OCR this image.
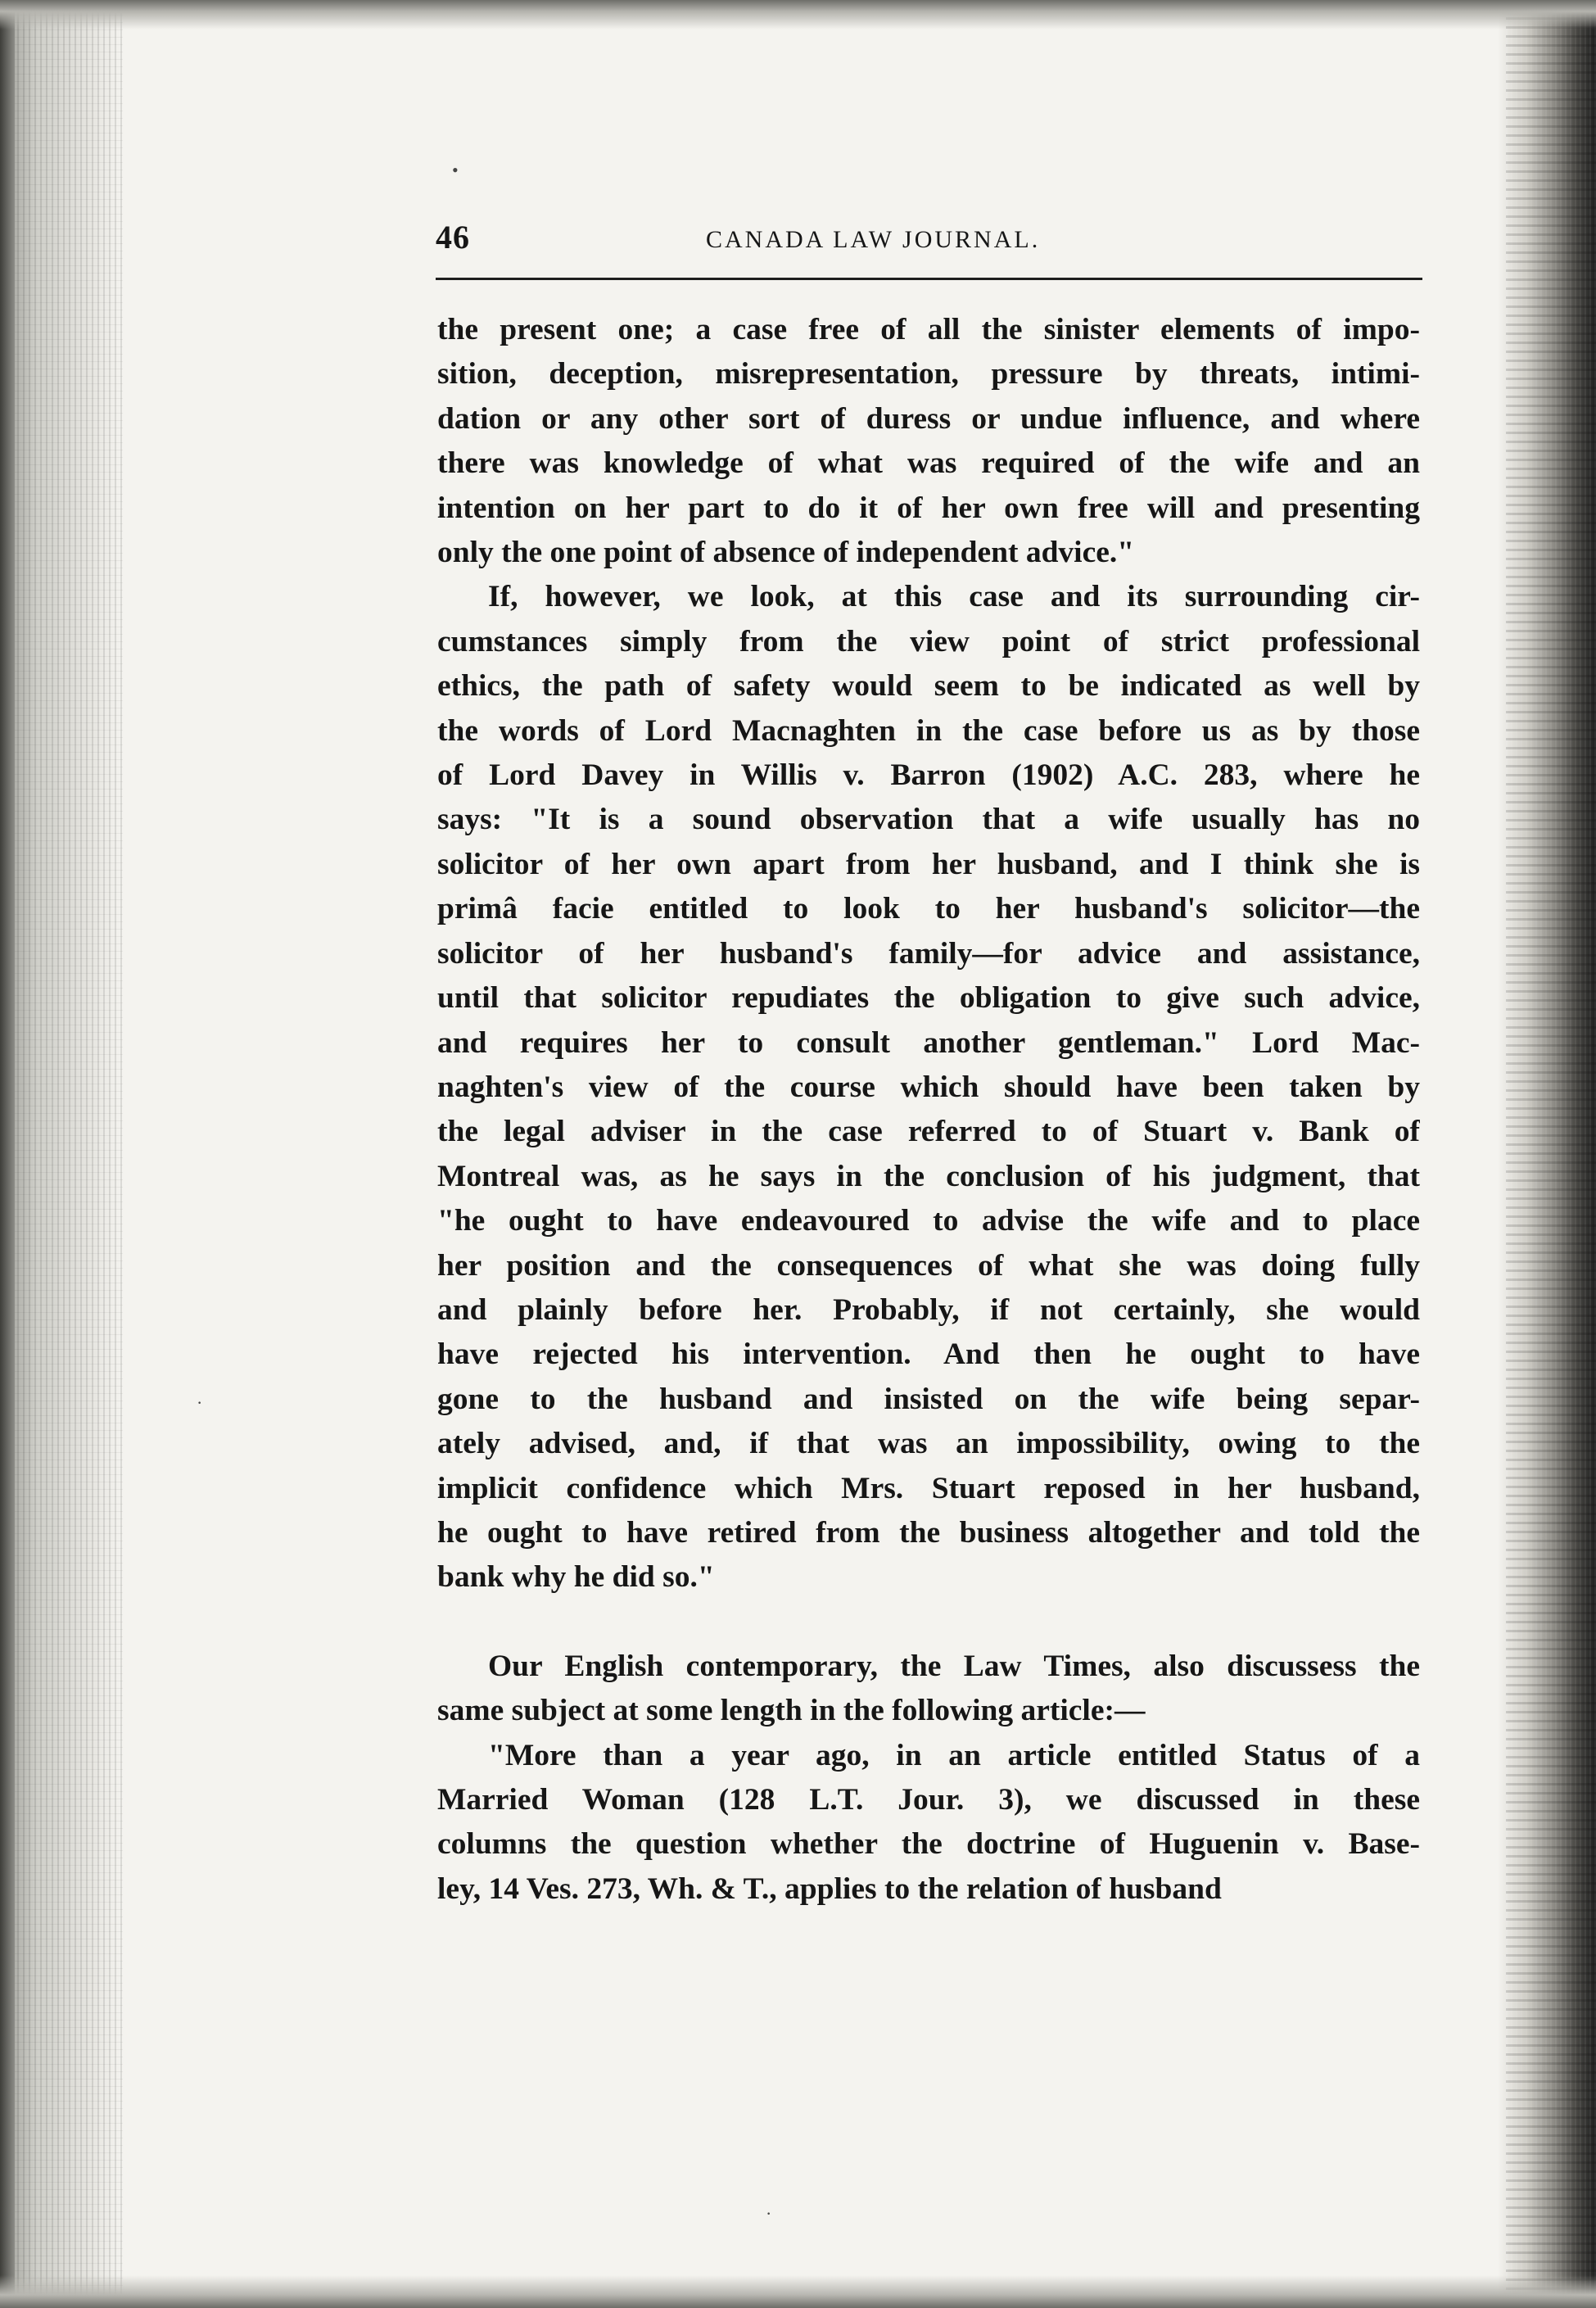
•
·
·
46	CANADA LAW JOURNAL.
the present one; a case free of all the sinister elements of impo-
sition, deception, misrepresentation, pressure by threats, intimi-
dation or any other sort of duress or undue influence, and where
there was knowledge of what was required of the wife and an
intention on her part to do it of her own free will and presenting
only the one point of absence of independent advice."
If, however, we look, at this case and its surrounding cir-
cumstances simply from the view point of strict professional
ethics, the path of safety would seem to be indicated as well by
the words of Lord Macnaghten in the case before us as by those
of Lord Davey in Willis v. Barron (1902) A.C. 283, where he
says: "It is a sound observation that a wife usually has no
solicitor of her own apart from her husband, and I think she is
primâ facie entitled to look to her husband's solicitor—the
solicitor of her husband's family—for advice and assistance,
until that solicitor repudiates the obligation to give such advice,
and requires her to consult another gentleman." Lord Mac-
naghten's view of the course which should have been taken by
the legal adviser in the case referred to of Stuart v. Bank of
Montreal was, as he says in the conclusion of his judgment, that
"he ought to have endeavoured to advise the wife and to place
her position and the consequences of what she was doing fully
and plainly before her. Probably, if not certainly, she would
have rejected his intervention. And then he ought to have
gone to the husband and insisted on the wife being separ-
ately advised, and, if that was an impossibility, owing to the
implicit confidence which Mrs. Stuart reposed in her husband,
he ought to have retired from the business altogether and told the
bank why he did so."
Our English contemporary, the Law Times, also discussess the
same subject at some length in the following article:—
"More than a year ago, in an article entitled Status of a
Married Woman (128 L.T. Jour. 3), we discussed in these
columns the question whether the doctrine of Huguenin v. Base-
ley, 14 Ves. 273, Wh. & T., applies to the relation of husband
